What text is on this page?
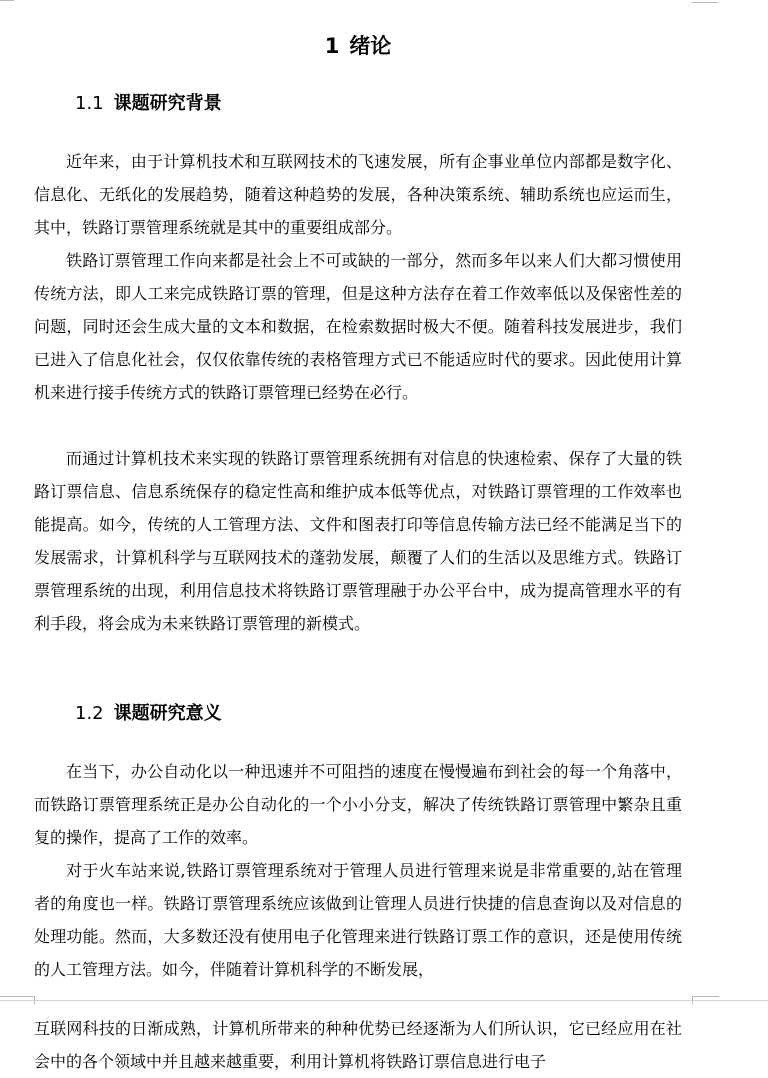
1 绪论
1.1 课题研究背景

近年来，由于计算机技术和互联网技术的飞速发展，所有企事业单位内部都是数字化、信息化、无纸化的发展趋势，随着这种趋势的发展，各种决策系统、辅助系统也应运而生，其中，铁路订票管理系统就是其中的重要组成部分。

铁路订票管理工作向来都是社会上不可或缺的一部分，然而多年以来人们大都习惯使用传统方法，即人工来完成铁路订票的管理，但是这种方法存在着工作效率低以及保密性差的问题，同时还会生成大量的文本和数据，在检索数据时极大不便。随着科技发展进步，我们已进入了信息化社会，仅仅依靠传统的表格管理方式已不能适应时代的要求。因此使用计算机来进行接手传统方式的铁路订票管理已经势在必行。

而通过计算机技术来实现的铁路订票管理系统拥有对信息的快速检索、保存了大量的铁路订票信息、信息系统保存的稳定性高和维护成本低等优点，对铁路订票管理的工作效率也能提高。如今，传统的人工管理方法、文件和图表打印等信息传输方法已经不能满足当下的发展需求，计算机科学与互联网技术的蓬勃发展，颠覆了人们的生活以及思维方式。铁路订票管理系统的出现，利用信息技术将铁路订票管理融于办公平台中，成为提高管理水平的有利手段，将会成为未来铁路订票管理的新模式。

1.2 课题研究意义

在当下，办公自动化以一种迅速并不可阻挡的速度在慢慢遍布到社会的每一个角落中，而铁路订票管理系统正是办公自动化的一个小小分支，解决了传统铁路订票管理中繁杂且重复的操作，提高了工作的效率。

对于火车站来说,铁路订票管理系统对于管理人员进行管理来说是非常重要的,站在管理者的角度也一样。铁路订票管理系统应该做到让管理人员进行快捷的信息查询以及对信息的处理功能。然而，大多数还没有使用电子化管理来进行铁路订票工作的意识，还是使用传统的人工管理方法。如今，伴随着计算机科学的不断发展，

互联网科技的日渐成熟，计算机所带来的种种优势已经逐渐为人们所认识，它已经应用在社会中的各个领域中并且越来越重要，利用计算机将铁路订票信息进行电子
